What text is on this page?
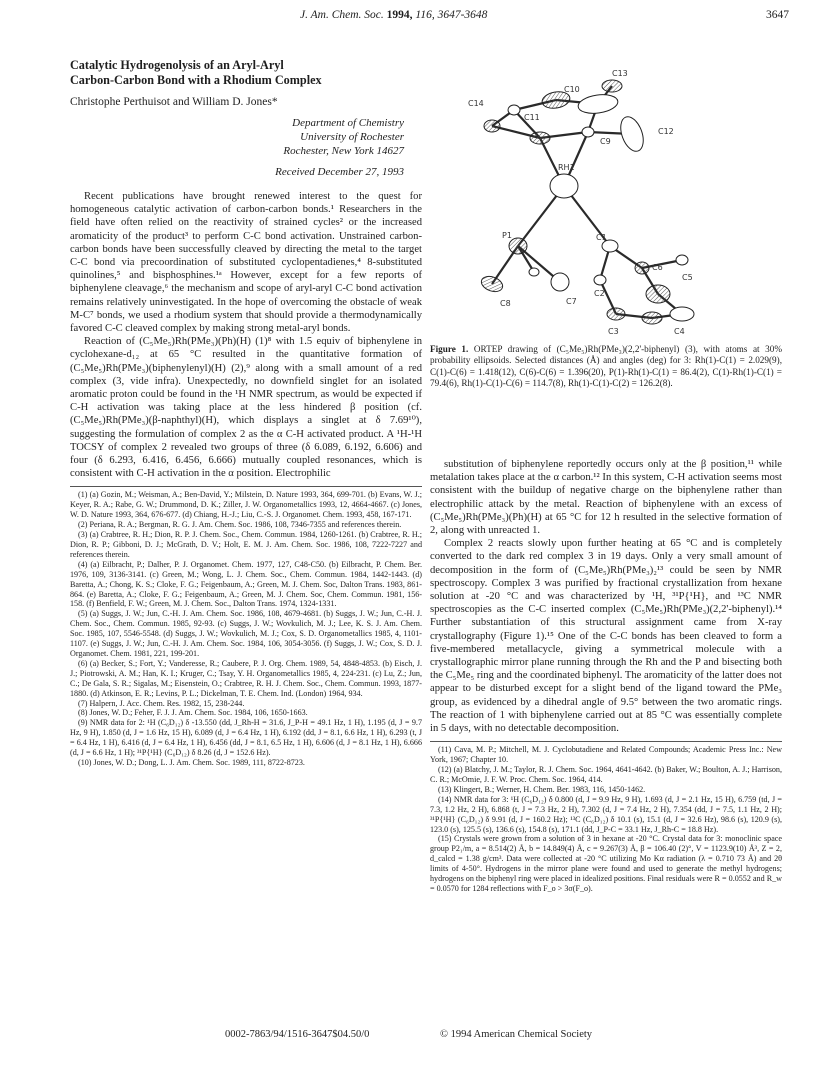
J. Am. Chem. Soc. 1994, 116, 3647-3648	3647
Catalytic Hydrogenolysis of an Aryl-Aryl
Carbon-Carbon Bond with a Rhodium Complex
Christophe Perthuisot and William D. Jones*
Department of Chemistry
University of Rochester
Rochester, New York 14627
Received December 27, 1993

Recent publications have brought renewed interest to the quest for homogeneous catalytic activation of carbon-carbon bonds.¹ Researchers in the field have often relied on the reactivity of strained cycles² or the increased aromaticity of the product³ to perform C-C bond activation. Unstrained carbon-carbon bonds have been successfully cleaved by directing the metal to the target C-C bond via precoordination of substituted cyclopentadienes,⁴ 8-substituted quinolines,⁵ and bisphosphines.¹ᵃ However, except for a few reports of biphenylene cleavage,⁶ the mechanism and scope of aryl-aryl C-C bond activation remains relatively uninvestigated. In the hope of overcoming the obstacle of weak M-C⁷ bonds, we used a rhodium system that should provide a thermodynamically favored C-C cleaved complex by making strong metal-aryl bonds.

Reaction of (C₅Me₅)Rh(PMe₃)(Ph)(H) (1)⁸ with 1.5 equiv of biphenylene in cyclohexane-d₁₂ at 65 °C resulted in the quantitative formation of (C₅Me₅)Rh(PMe₃)(biphenylenyl)(H) (2),⁹ along with a small amount of a red complex (3, vide infra). Unexpectedly, no downfield singlet for an isolated aromatic proton could be found in the ¹H NMR spectrum, as would be expected if C-H activation was taking place at the less hindered β position (cf. (C₅Me₅)Rh(PMe₃)(β-naphthyl)(H), which displays a singlet at δ 7.69¹⁰), suggesting the formulation of complex 2 as the α C-H activated product. A ¹H-¹H TOCSY of complex 2 revealed two groups of three (δ 6.089, 6.192, 6.606) and four (δ 6.293, 6.416, 6.456, 6.666) mutually coupled resonances, which is consistent with C-H activation in the α position. Electrophilic

(1) (a) Gozin, M.; Weisman, A.; Ben-David, Y.; Milstein, D. Nature 1993, 364, 699-701. (b) Evans, W. J.; Keyer, R. A.; Rabe, G. W.; Drummond, D. K.; Ziller, J. W. Organometallics 1993, 12, 4664-4667. (c) Jones, W. D. Nature 1993, 364, 676-677. (d) Chiang, H.-J.; Liu, C.-S. J. Organomet. Chem. 1993, 458, 167-171.

(2) Periana, R. A.; Bergman, R. G. J. Am. Chem. Soc. 1986, 108, 7346-7355 and references therein.

(3) (a) Crabtree, R. H.; Dion, R. P. J. Chem. Soc., Chem. Commun. 1984, 1260-1261. (b) Crabtree, R. H.; Dion, R. P.; Gibboni, D. J.; McGrath, D. V.; Holt, E. M. J. Am. Chem. Soc. 1986, 108, 7222-7227 and references therein.

(4) (a) Eilbracht, P.; Dalher, P. J. Organomet. Chem. 1977, 127, C48-C50. (b) Eilbracht, P. Chem. Ber. 1976, 109, 3136-3141. (c) Green, M.; Wong, L. J. Chem. Soc., Chem. Commun. 1984, 1442-1443. (d) Baretta, A.; Chong, K. S.; Cloke, F. G.; Feigenbaum, A.; Green, M. J. Chem. Soc, Dalton Trans. 1983, 861-864. (e) Baretta, A.; Cloke, F. G.; Feigenbaum, A.; Green, M. J. Chem. Soc, Chem. Commun. 1981, 156-158. (f) Benfield, F. W.; Green, M. J. Chem. Soc., Dalton Trans. 1974, 1324-1331.

(5) (a) Suggs, J. W.; Jun, C.-H. J. Am. Chem. Soc. 1986, 108, 4679-4681. (b) Suggs, J. W.; Jun, C.-H. J. Chem. Soc., Chem. Commun. 1985, 92-93. (c) Suggs, J. W.; Wovkulich, M. J.; Lee, K. S. J. Am. Chem. Soc. 1985, 107, 5546-5548. (d) Suggs, J. W.; Wovkulich, M. J.; Cox, S. D. Organometallics 1985, 4, 1101-1107. (e) Suggs, J. W.; Jun, C.-H. J. Am. Chem. Soc. 1984, 106, 3054-3056. (f) Suggs, J. W.; Cox, S. D. J. Organomet. Chem. 1981, 221, 199-201.

(6) (a) Becker, S.; Fort, Y.; Vanderesse, R.; Caubere, P. J. Org. Chem. 1989, 54, 4848-4853. (b) Eisch, J. J.; Piotrowski, A. M.; Han, K. I.; Kruger, C.; Tsay, Y. H. Organometallics 1985, 4, 224-231. (c) Lu, Z.; Jun, C.; De Gala, S. R.; Sigalas, M.; Eisenstein, O.; Crabtree, R. H. J. Chem. Soc., Chem. Commun. 1993, 1877-1880. (d) Atkinson, E. R.; Levins, P. L.; Dickelman, T. E. Chem. Ind. (London) 1964, 934.

(7) Halpern, J. Acc. Chem. Res. 1982, 15, 238-244.

(8) Jones, W. D.; Feher, F. J. J. Am. Chem. Soc. 1984, 106, 1650-1663.

(9) NMR data for 2: ¹H (C₆D₁₂) δ -13.550 (dd, J_Rh-H = 31.6, J_P-H = 49.1 Hz, 1 H), 1.195 (d, J = 9.7 Hz, 9 H), 1.850 (d, J = 1.6 Hz, 15 H), 6.089 (d, J = 6.4 Hz, 1 H), 6.192 (dd, J = 8.1, 6.6 Hz, 1 H), 6.293 (t, J = 6.4 Hz, 1 H), 6.416 (d, J = 6.4 Hz, 1 H), 6.456 (dd, J = 8.1, 6.5 Hz, 1 H), 6.606 (d, J = 8.1 Hz, 1 H), 6.666 (d, J = 6.6 Hz, 1 H); ³¹P{¹H} (C₆D₁₂) δ 8.26 (d, J = 152.6 Hz).

(10) Jones, W. D.; Dong, L. J. Am. Chem. Soc. 1989, 111, 8722-8723.

C14
C10
C13
C11
C9
C12
RH1
P1	C1
C6
C8	C7
C2
C5
C3	C4
Figure 1. ORTEP drawing of (C₅Me₅)Rh(PMe₃)(2,2'-biphenyl) (3), with atoms at 30% probability ellipsoids. Selected distances (Å) and angles (deg) for 3: Rh(1)-C(1) = 2.029(9), C(1)-C(6) = 1.418(12), C(6)-C(6) = 1.396(20), P(1)-Rh(1)-C(1) = 86.4(2), C(1)-Rh(1)-C(1) = 79.4(6), Rh(1)-C(1)-C(6) = 114.7(8), Rh(1)-C(1)-C(2) = 126.2(8).

substitution of biphenylene reportedly occurs only at the β position,¹¹ while metalation takes place at the α carbon.¹² In this system, C-H activation seems most consistent with the buildup of negative charge on the biphenylene rather than electrophilic attack by the metal. Reaction of biphenylene with an excess of (C₅Me₅)Rh(PMe₃)(Ph)(H) at 65 °C for 12 h resulted in the selective formation of 2, along with unreacted 1.

Complex 2 reacts slowly upon further heating at 65 °C and is completely converted to the dark red complex 3 in 19 days. Only a very small amount of decomposition in the form of (C₅Me₅)Rh(PMe₃)₂¹³ could be seen by NMR spectroscopy. Complex 3 was purified by fractional crystallization from hexane solution at -20 °C and was characterized by ¹H, ³¹P{¹H}, and ¹³C NMR spectroscopies as the C-C inserted complex (C₅Me₅)Rh(PMe₃)(2,2'-biphenyl).¹⁴ Further substantiation of this structural assignment came from X-ray crystallography (Figure 1).¹⁵ One of the C-C bonds has been cleaved to form a five-membered metallacycle, giving a symmetrical molecule with a crystallographic mirror plane running through the Rh and the P and bisecting both the C₅Me₅ ring and the coordinated biphenyl. The aromaticity of the latter does not appear to be disturbed except for a slight bend of the ligand toward the PMe₃ group, as evidenced by a dihedral angle of 9.5° between the two aromatic rings. The reaction of 1 with biphenylene carried out at 85 °C was essentially complete in 5 days, with no detectable decomposition.

(11) Cava, M. P.; Mitchell, M. J. Cyclobutadiene and Related Compounds; Academic Press Inc.: New York, 1967; Chapter 10.

(12) (a) Blatchy, J. M.; Taylor, R. J. Chem. Soc. 1964, 4641-4642. (b) Baker, W.; Boulton, A. J.; Harrison, C. R.; McOmie, J. F. W. Proc. Chem. Soc. 1964, 414.

(13) Klingert, B.; Werner, H. Chem. Ber. 1983, 116, 1450-1462.

(14) NMR data for 3: ¹H (C₆D₁₂) δ 0.800 (d, J = 9.9 Hz, 9 H), 1.693 (d, J = 2.1 Hz, 15 H), 6.759 (td, J = 7.3, 1.2 Hz, 2 H), 6.868 (t, J = 7.3 Hz, 2 H), 7.302 (d, J = 7.4 Hz, 2 H), 7.354 (dd, J = 7.5, 1.1 Hz, 2 H); ³¹P{¹H} (C₆D₁₂) δ 9.91 (d, J = 160.2 Hz); ¹³C (C₆D₁₂) δ 10.1 (s), 15.1 (d, J = 32.6 Hz), 98.6 (s), 120.9 (s), 123.0 (s), 125.5 (s), 136.6 (s), 154.8 (s), 171.1 (dd, J_P-C = 33.1 Hz, J_Rh-C = 18.8 Hz).

(15) Crystals were grown from a solution of 3 in hexane at -20 °C. Crystal data for 3: monoclinic space group P2₁/m, a = 8.514(2) Å, b = 14.849(4) Å, c = 9.267(3) Å, β = 106.40 (2)°, V = 1123.9(10) Å³, Z = 2, d_calcd = 1.38 g/cm³. Data were collected at -20 °C utilizing Mo Kα radiation (λ = 0.710 73 Å) and 2θ limits of 4-50°. Hydrogens in the mirror plane were found and used to generate the methyl hydrogens; hydrogens on the biphenyl ring were placed in idealized positions. Final residuals were R = 0.0552 and R_w = 0.0570 for 1284 reflections with F_o > 3σ(F_o).

0002-7863/94/1516-3647$04.50/0	© 1994 American Chemical Society
